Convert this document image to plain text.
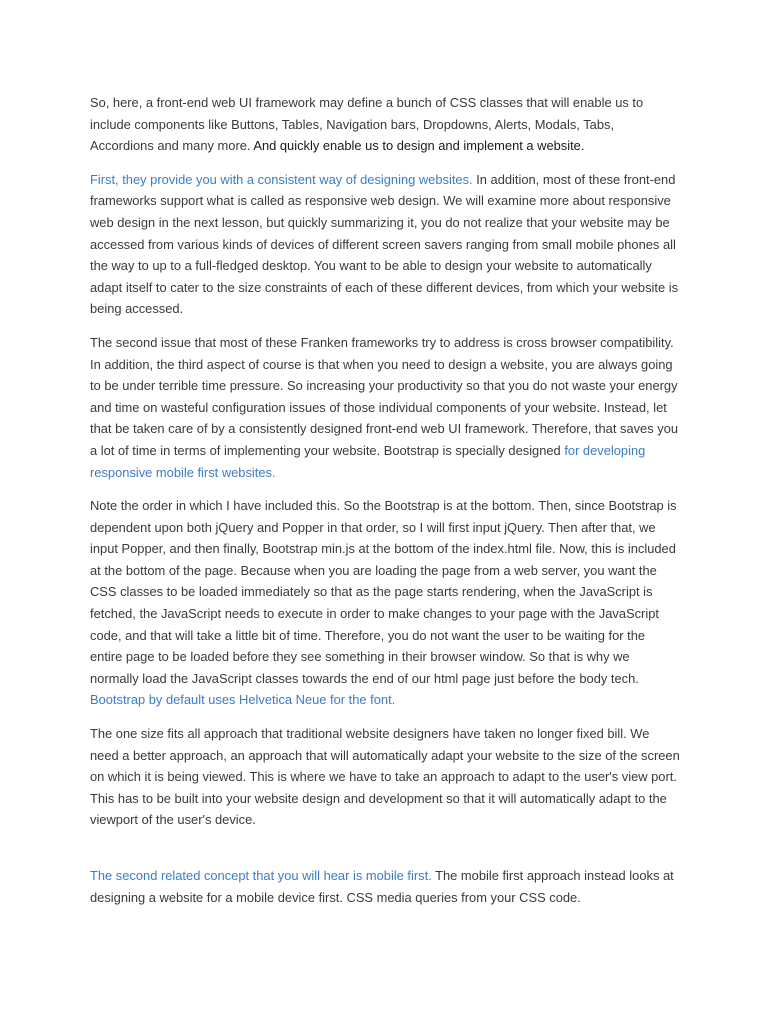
So, here, a front-end web UI framework may define a bunch of CSS classes that will enable us to include components like Buttons, Tables, Navigation bars, Dropdowns, Alerts, Modals, Tabs, Accordions and many more. And quickly enable us to design and implement a website.

First, they provide you with a consistent way of designing websites. In addition, most of these front-end frameworks support what is called as responsive web design. We will examine more about responsive web design in the next lesson, but quickly summarizing it, you do not realize that your website may be accessed from various kinds of devices of different screen savers ranging from small mobile phones all the way to up to a full-fledged desktop. You want to be able to design your website to automatically adapt itself to cater to the size constraints of each of these different devices, from which your website is being accessed.

The second issue that most of these Franken frameworks try to address is cross browser compatibility. In addition, the third aspect of course is that when you need to design a website, you are always going to be under terrible time pressure. So increasing your productivity so that you do not waste your energy and time on wasteful configuration issues of those individual components of your website. Instead, let that be taken care of by a consistently designed front-end web UI framework. Therefore, that saves you a lot of time in terms of implementing your website. Bootstrap is specially designed for developing responsive mobile first websites.

Note the order in which I have included this. So the Bootstrap is at the bottom. Then, since Bootstrap is dependent upon both jQuery and Popper in that order, so I will first input jQuery. Then after that, we input Popper, and then finally, Bootstrap min.js at the bottom of the index.html file. Now, this is included at the bottom of the page. Because when you are loading the page from a web server, you want the CSS classes to be loaded immediately so that as the page starts rendering, when the JavaScript is fetched, the JavaScript needs to execute in order to make changes to your page with the JavaScript code, and that will take a little bit of time. Therefore, you do not want the user to be waiting for the entire page to be loaded before they see something in their browser window. So that is why we normally load the JavaScript classes towards the end of our html page just before the body tech. Bootstrap by default uses Helvetica Neue for the font.

The one size fits all approach that traditional website designers have taken no longer fixed bill. We need a better approach, an approach that will automatically adapt your website to the size of the screen on which it is being viewed. This is where we have to take an approach to adapt to the user's view port. This has to be built into your website design and development so that it will automatically adapt to the viewport of the user's device.

The second related concept that you will hear is mobile first. The mobile first approach instead looks at designing a website for a mobile device first. CSS media queries from your CSS code.
